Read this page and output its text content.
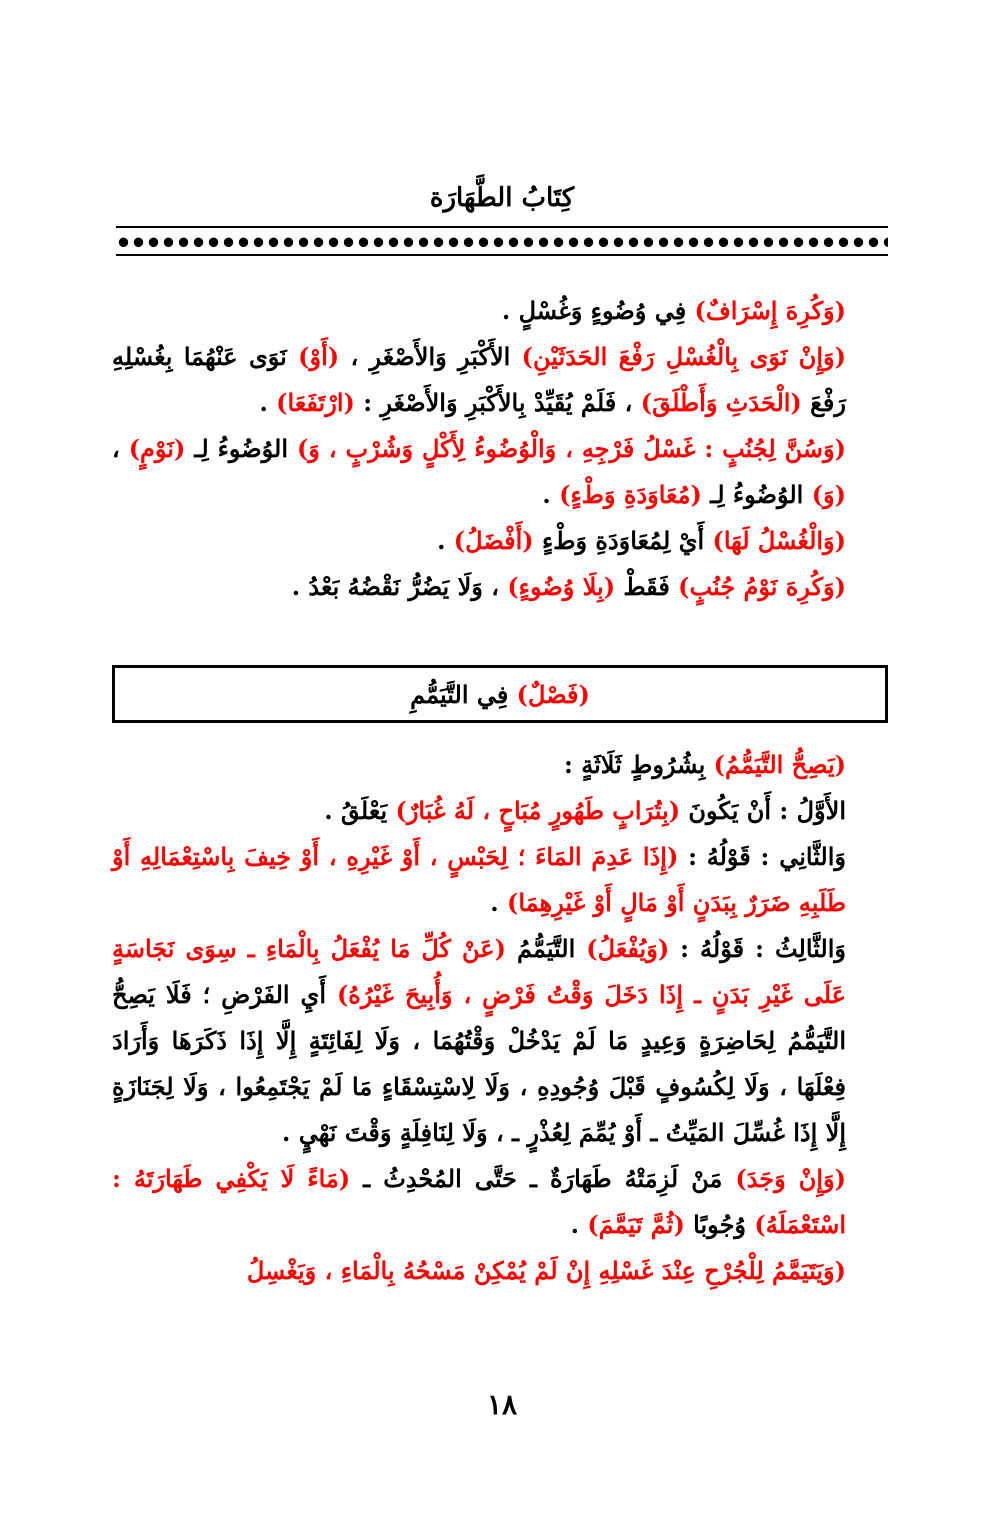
كِتَابُ الطَّهَارَة

(وَكُرِهَ إِسْرَافٌ) فِي وُضُوءٍ وَغُسْلٍ .

(وَإِنْ نَوَى بِالْغُسْلِ رَفْعَ الحَدَثَيْنِ) الأَكْبَرِ وَالأَصْغَرِ ، (أَوْ) نَوَى عَنْهُمَا بِغُسْلِهِ رَفْعَ (الْحَدَثِ وَأَطْلَقَ) ، فَلَمْ يُقَيِّدْ بِالأَكْبَرِ وَالأَصْغَرِ : (ارْتَفَعَا) .

(وَسُنَّ لِجُنُبٍ : غَسْلُ فَرْجِهِ ، وَالْوُضُوءُ لِأَكْلٍ وَشُرْبٍ ، وَ) الوُضُوءُ لِـ (نَوْمٍ) ، (وَ) الوُضُوءُ لِـ (مُعَاوَدَةِ وَطْءٍ) .

(وَالْغُسْلُ لَهَا) أَيْ لِمُعَاوَدَةِ وَطْءٍ (أَفْضَلُ) .

(وَكُرِهَ نَوْمُ جُنُبٍ) فَقَطْ (بِلَا وُضُوءٍ) ، وَلَا يَضُرُّ نَقْضُهُ بَعْدُ .

(فَصْلٌ) فِي التَّيَمُّمِ

(يَصِحُّ التَّيَمُّمُ) بِشُرُوطٍ ثَلَاثَةٍ :

الأَوَّلُ : أَنْ يَكُونَ (بِتُرَابٍ طَهُورٍ مُبَاحٍ ، لَهُ غُبَارٌ) يَعْلَقُ .

وَالثَّانِي : قَوْلُهُ : (إِذَا عَدِمَ المَاءَ ؛ لِحَبْسٍ ، أَوْ غَيْرِهِ ، أَوْ خِيفَ بِاسْتِعْمَالِهِ أَوْ طَلَبِهِ ضَرَرٌ بِبَدَنٍ أَوْ مَالٍ أَوْ غَيْرِهِمَا) .

وَالثَّالِثُ : قَوْلُهُ : (وَيُفْعَلُ) التَّيَمُّمُ (عَنْ كُلِّ مَا يُفْعَلُ بِالْمَاءِ ـ سِوَى نَجَاسَةٍ عَلَى غَيْرِ بَدَنٍ ـ إِذَا دَخَلَ وَقْتُ فَرْضٍ ، وَأُبِيحَ غَيْرُهُ) أَيِ الفَرْضِ ؛ فَلَا يَصِحُّ التَّيَمُّمُ لِحَاضِرَةٍ وَعِيدٍ مَا لَمْ يَدْخُلْ وَقْتُهُمَا ، وَلَا لِفَائِتَةٍ إِلَّا إِذَا ذَكَرَهَا وَأَرَادَ فِعْلَهَا ، وَلَا لِكُسُوفٍ قَبْلَ وُجُودِهِ ، وَلَا لِاسْتِسْقَاءٍ مَا لَمْ يَجْتَمِعُوا ، وَلَا لِجَنَازَةٍ إِلَّا إِذَا غُسِّلَ المَيِّتُ ـ أَوْ يُمِّمَ لِعُذْرٍ ـ ، وَلَا لِنَافِلَةٍ وَقْتَ نَهْيٍ .

(وَإِنْ وَجَدَ) مَنْ لَزِمَتْهُ طَهَارَةٌ ـ حَتَّى المُحْدِثُ ـ (مَاءً لَا يَكْفِي طَهَارَتَهُ : اسْتَعْمَلَهُ) وُجُوبًا (ثُمَّ تَيَمَّمَ) .

(وَيَتَيَمَّمُ لِلْجُرْحِ عِنْدَ غَسْلِهِ إِنْ لَمْ يُمْكِنْ مَسْحُهُ بِالْمَاءِ ، وَيَغْسِلُ

١٨
